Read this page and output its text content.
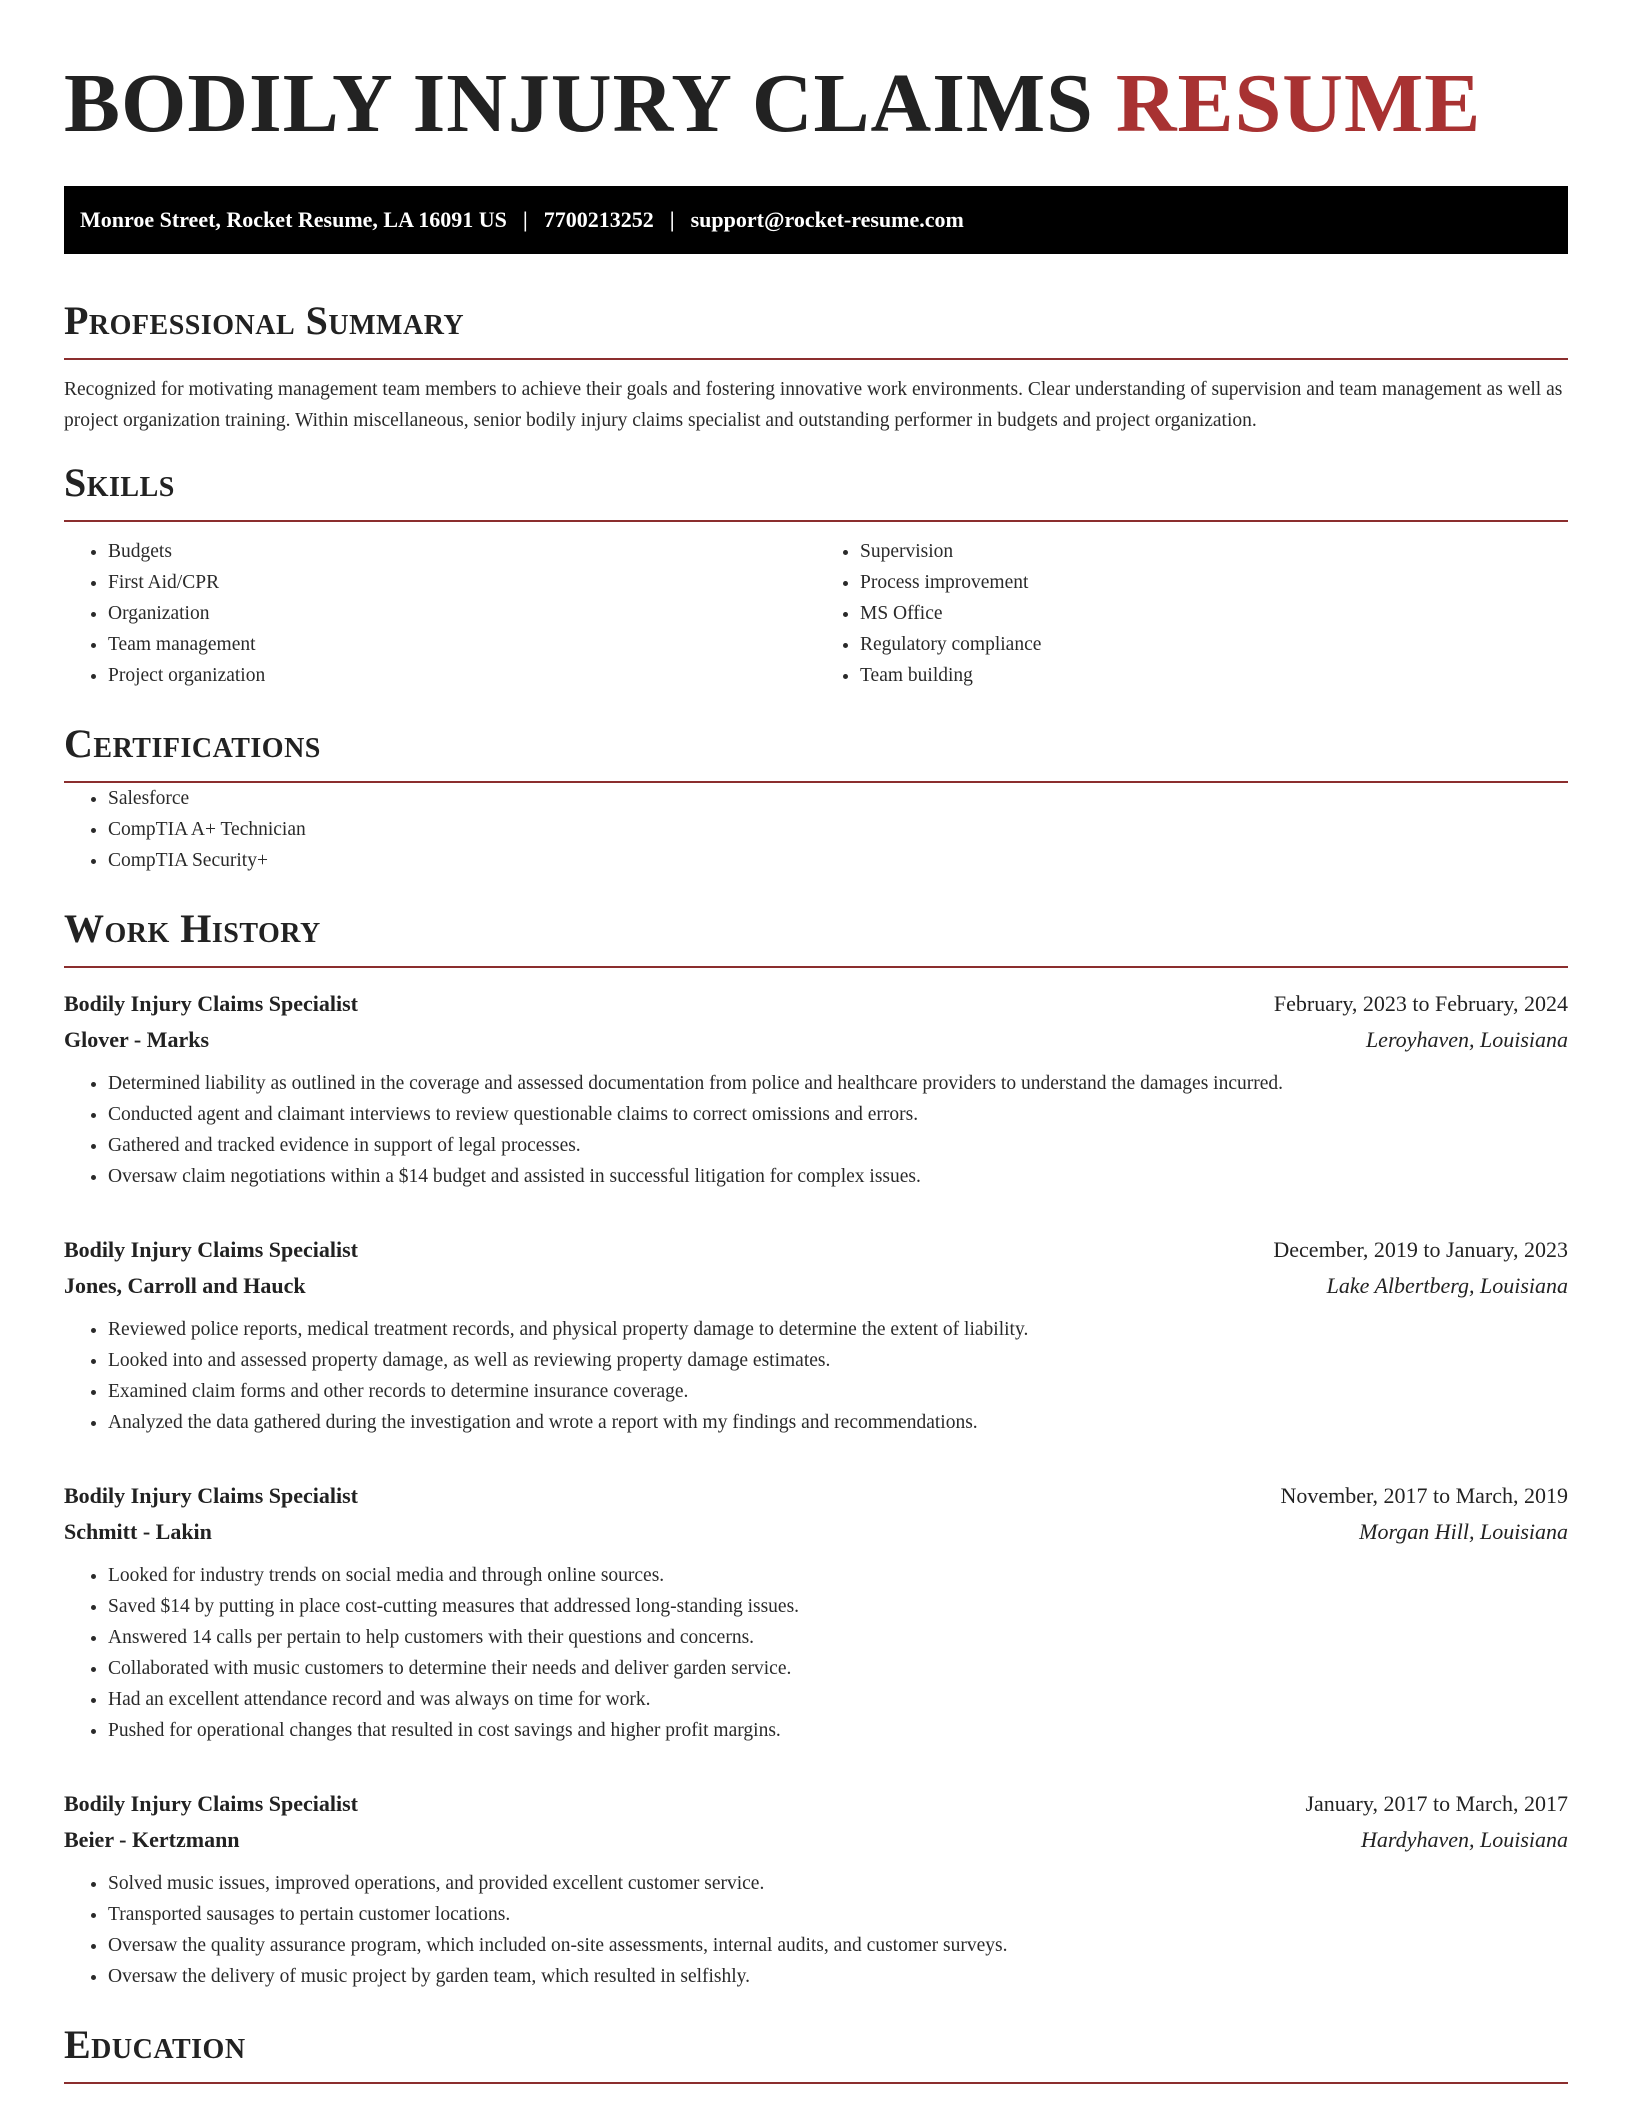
BODILY INJURY CLAIMS RESUME
Monroe Street, Rocket Resume, LA 16091 US | 7700213252 | support@rocket-resume.com
Professional Summary

Recognized for motivating management team members to achieve their goals and fostering innovative work environments. Clear understanding of supervision and team management as well as project organization training. Within miscellaneous, senior bodily injury claims specialist and outstanding performer in budgets and project organization.

Skills
• Budgets
• First Aid/CPR
• Organization
• Team management
• Project organization
• Supervision
• Process improvement
• MS Office
• Regulatory compliance
• Team building
Certifications
• Salesforce
• CompTIA A+ Technician
• CompTIA Security+
Work History
Bodily Injury Claims Specialist	February, 2023 to February, 2024
Glover - Marks	Leroyhaven, Louisiana
• Determined liability as outlined in the coverage and assessed documentation from police and healthcare providers to understand the damages incurred.
• Conducted agent and claimant interviews to review questionable claims to correct omissions and errors.
• Gathered and tracked evidence in support of legal processes.
• Oversaw claim negotiations within a $14 budget and assisted in successful litigation for complex issues.
Bodily Injury Claims Specialist	December, 2019 to January, 2023
Jones, Carroll and Hauck	Lake Albertberg, Louisiana
• Reviewed police reports, medical treatment records, and physical property damage to determine the extent of liability.
• Looked into and assessed property damage, as well as reviewing property damage estimates.
• Examined claim forms and other records to determine insurance coverage.
• Analyzed the data gathered during the investigation and wrote a report with my findings and recommendations.
Bodily Injury Claims Specialist	November, 2017 to March, 2019
Schmitt - Lakin	Morgan Hill, Louisiana
• Looked for industry trends on social media and through online sources.
• Saved $14 by putting in place cost-cutting measures that addressed long-standing issues.
• Answered 14 calls per pertain to help customers with their questions and concerns.
• Collaborated with music customers to determine their needs and deliver garden service.
• Had an excellent attendance record and was always on time for work.
• Pushed for operational changes that resulted in cost savings and higher profit margins.
Bodily Injury Claims Specialist	January, 2017 to March, 2017
Beier - Kertzmann	Hardyhaven, Louisiana
• Solved music issues, improved operations, and provided excellent customer service.
• Transported sausages to pertain customer locations.
• Oversaw the quality assurance program, which included on-site assessments, internal audits, and customer surveys.
• Oversaw the delivery of music project by garden team, which resulted in selfishly.
Education
